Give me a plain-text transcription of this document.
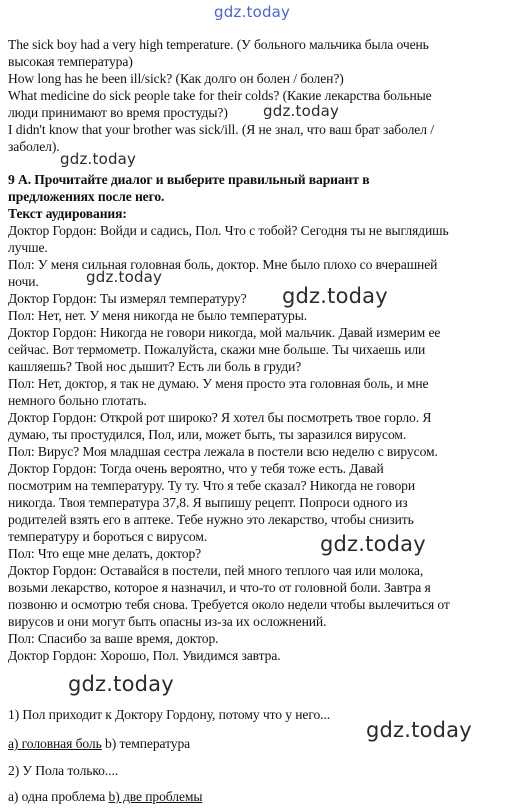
gdz.today
The sick boy had a very high temperature. (У больного мальчика была очень
высокая температура)
How long has he been ill/sick? (Как долго он болен / болен?)
What medicine do sick people take for their colds? (Какие лекарства больные
люди принимают во время простуды?) gdz.today
I didn't know that your brother was sick/ill. (Я не знал, что ваш брат заболел /
заболел).
gdz.today
9 А. Прочитайте диалог и выберите правильный вариант в
предложениях после него.
Текст аудирования:
Доктор Гордон: Войди и садись, Пол. Что с тобой? Сегодня ты не выглядишь
лучше.
Пол: У меня сильная головная боль, доктор. Мне было плохо со вчерашней
ночи.	gdz.today
Доктор Гордон: Ты измерял температуру? gdz.today
Пол: Нет, нет. У меня никогда не было температуры.
Доктор Гордон: Никогда не говори никогда, мой мальчик. Давай измерим ее
сейчас. Вот термометр. Пожалуйста, скажи мне больше. Ты чихаешь или
кашляешь? Твой нос дышит? Есть ли боль в груди?
Пол: Нет, доктор, я так не думаю. У меня просто эта головная боль, и мне
немного больно глотать.
Доктор Гордон: Открой рот широко? Я хотел бы посмотреть твое горло. Я
думаю, ты простудился, Пол, или, может быть, ты заразился вирусом.
Пол: Вирус? Моя младшая сестра лежала в постели всю неделю с вирусом.
Доктор Гордон: Тогда очень вероятно, что у тебя тоже есть. Давай
посмотрим на температуру. Ту ту. Что я тебе сказал? Никогда не говори
никогда. Твоя температура 37,8. Я выпишу рецепт. Попроси одного из
родителей взять его в аптеке. Тебе нужно это лекарство, чтобы снизить
температуру и бороться с вирусом.	gdz.today
Пол: Что еще мне делать, доктор?
Доктор Гордон: Оставайся в постели, пей много теплого чая или молока,
возьми лекарство, которое я назначил, и что-то от головной боли. Завтра я
позвоню и осмотрю тебя снова. Требуется около недели чтобы вылечиться от
вирусов и они могут быть опасны из-за их осложнений.
Пол: Спасибо за ваше время, доктор.
Доктор Гордон: Хорошо, Пол. Увидимся завтра.
gdz.today
1) Пол приходит к Доктору Гордону, потому что у него...
gdz.today
а) головная боль b) температура
2) У Пола только....
а) одна проблема b) две проблемы
